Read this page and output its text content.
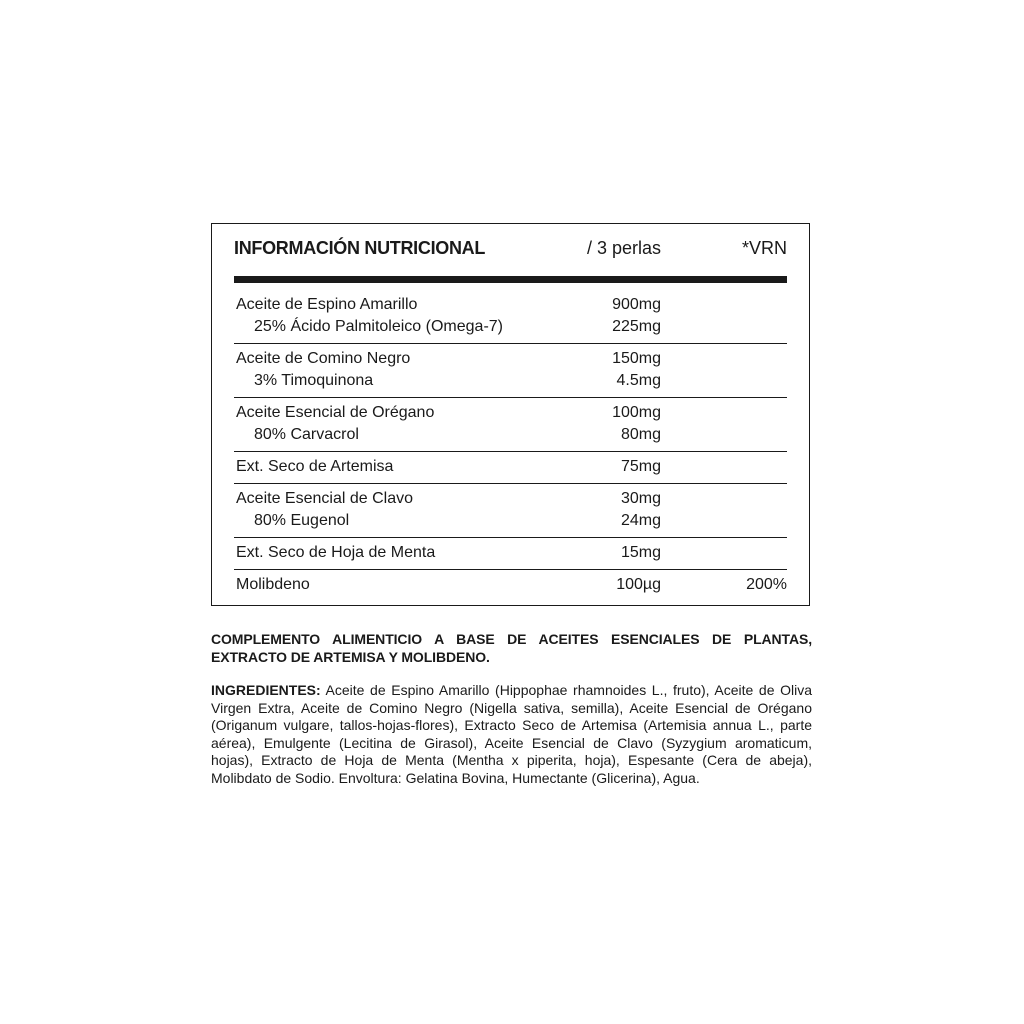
INFORMACIÓN NUTRICIONAL	/ 3 perlas	*VRN
Aceite de Espino Amarillo	900mg
25% Ácido Palmitoleico (Omega-7)	225mg
Aceite de Comino Negro	150mg
3% Timoquinona	4.5mg
Aceite Esencial de Orégano	100mg
80% Carvacrol	80mg
Ext. Seco de Artemisa	75mg
Aceite Esencial de Clavo	30mg
80% Eugenol	24mg
Ext. Seco de Hoja de Menta	15mg
Molibdeno	100µg	200%
COMPLEMENTO ALIMENTICIO A BASE DE ACEITES ESENCIALES DE PLANTAS, EXTRACTO DE ARTEMISA Y MOLIBDENO.
INGREDIENTES: Aceite de Espino Amarillo (Hippophae rhamnoides L., fruto), Aceite de Oliva Virgen Extra, Aceite de Comino Negro (Nigella sativa, semilla), Aceite Esencial de Orégano (Origanum vulgare, tallos-hojas-flores), Extracto Seco de Artemisa (Artemisia annua L., parte aérea), Emulgente (Lecitina de Girasol), Aceite Esencial de Clavo (Syzygium aromaticum, hojas), Extracto de Hoja de Menta (Mentha x piperita, hoja), Espesante (Cera de abeja), Molibdato de Sodio. Envoltura: Gelatina Bovina, Humectante (Glicerina), Agua.
